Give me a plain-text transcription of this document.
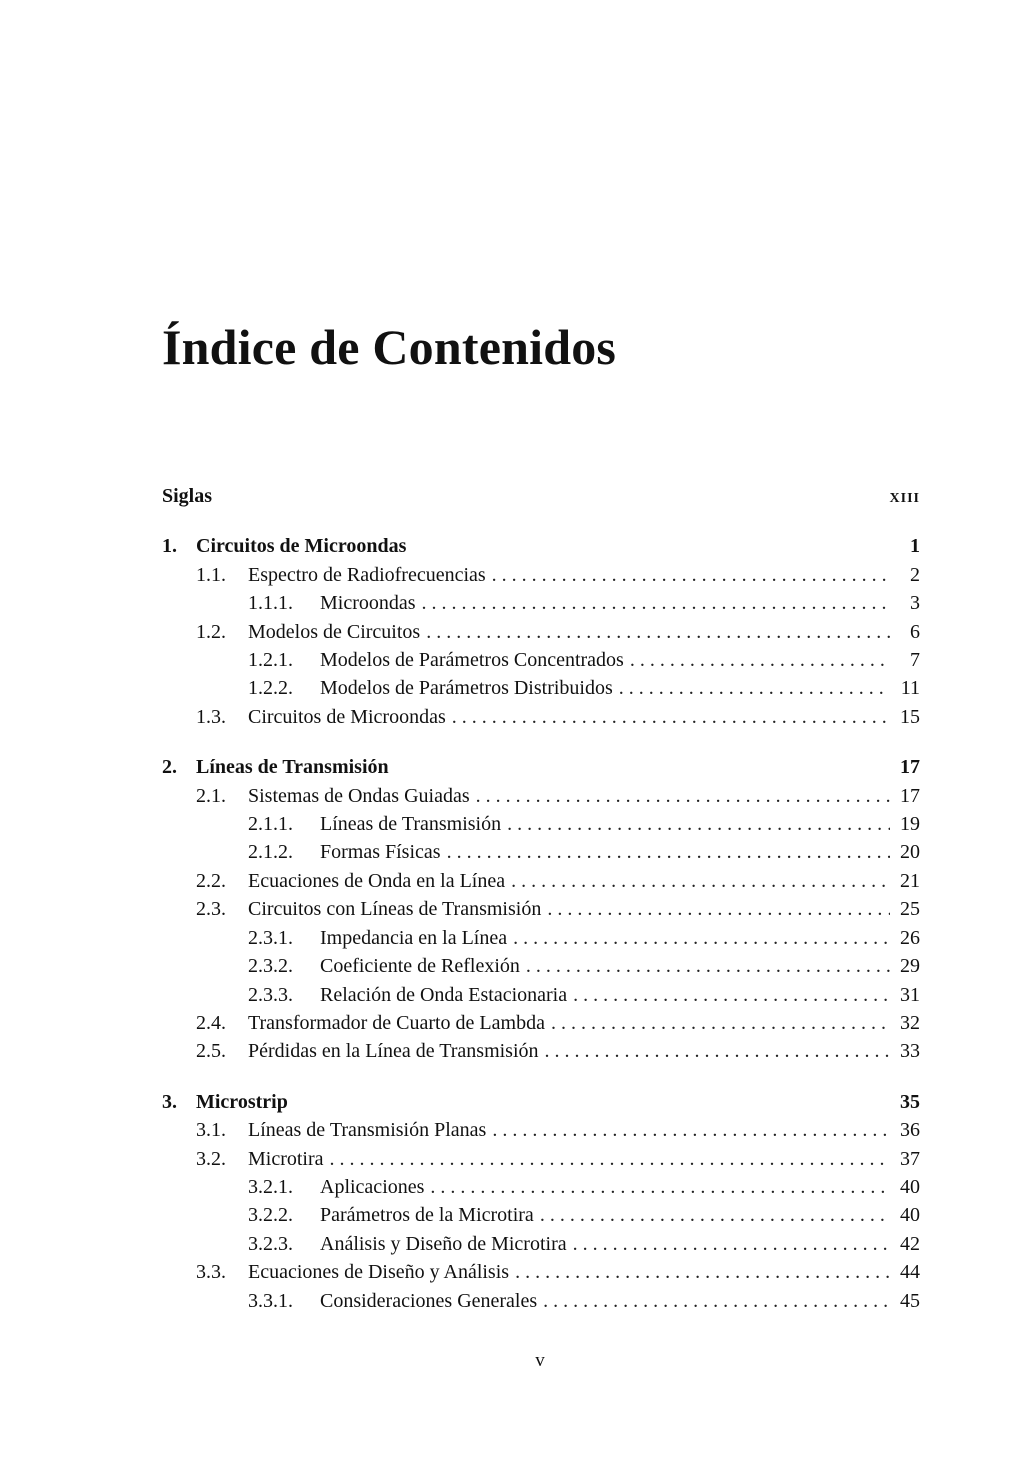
Índice de Contenidos
Siglas	xiii
1. Circuitos de Microondas	1
1.1.	Espectro de Radiofrecuencias . . .	2
1.1.1.	Microondas . . .	3
1.2.	Modelos de Circuitos . . .	6
1.2.1.	Modelos de Parámetros Concentrados . . .	7
1.2.2.	Modelos de Parámetros Distribuidos . . .	11
1.3.	Circuitos de Microondas . . .	15
2. Líneas de Transmisión	17
2.1.	Sistemas de Ondas Guiadas . . .	17
2.1.1.	Líneas de Transmisión . . .	19
2.1.2.	Formas Físicas . . .	20
2.2.	Ecuaciones de Onda en la Línea . . .	21
2.3.	Circuitos con Líneas de Transmisión . . .	25
2.3.1.	Impedancia en la Línea . . .	26
2.3.2.	Coeficiente de Reflexión . . .	29
2.3.3.	Relación de Onda Estacionaria . . .	31
2.4.	Transformador de Cuarto de Lambda . . .	32
2.5.	Pérdidas en la Línea de Transmisión . . .	33
3. Microstrip	35
3.1.	Líneas de Transmisión Planas . . .	36
3.2.	Microtira . . .	37
3.2.1.	Aplicaciones . . .	40
3.2.2.	Parámetros de la Microtira . . .	40
3.2.3.	Análisis y Diseño de Microtira . . .	42
3.3.	Ecuaciones de Diseño y Análisis . . .	44
3.3.1.	Consideraciones Generales . . .	45
v
